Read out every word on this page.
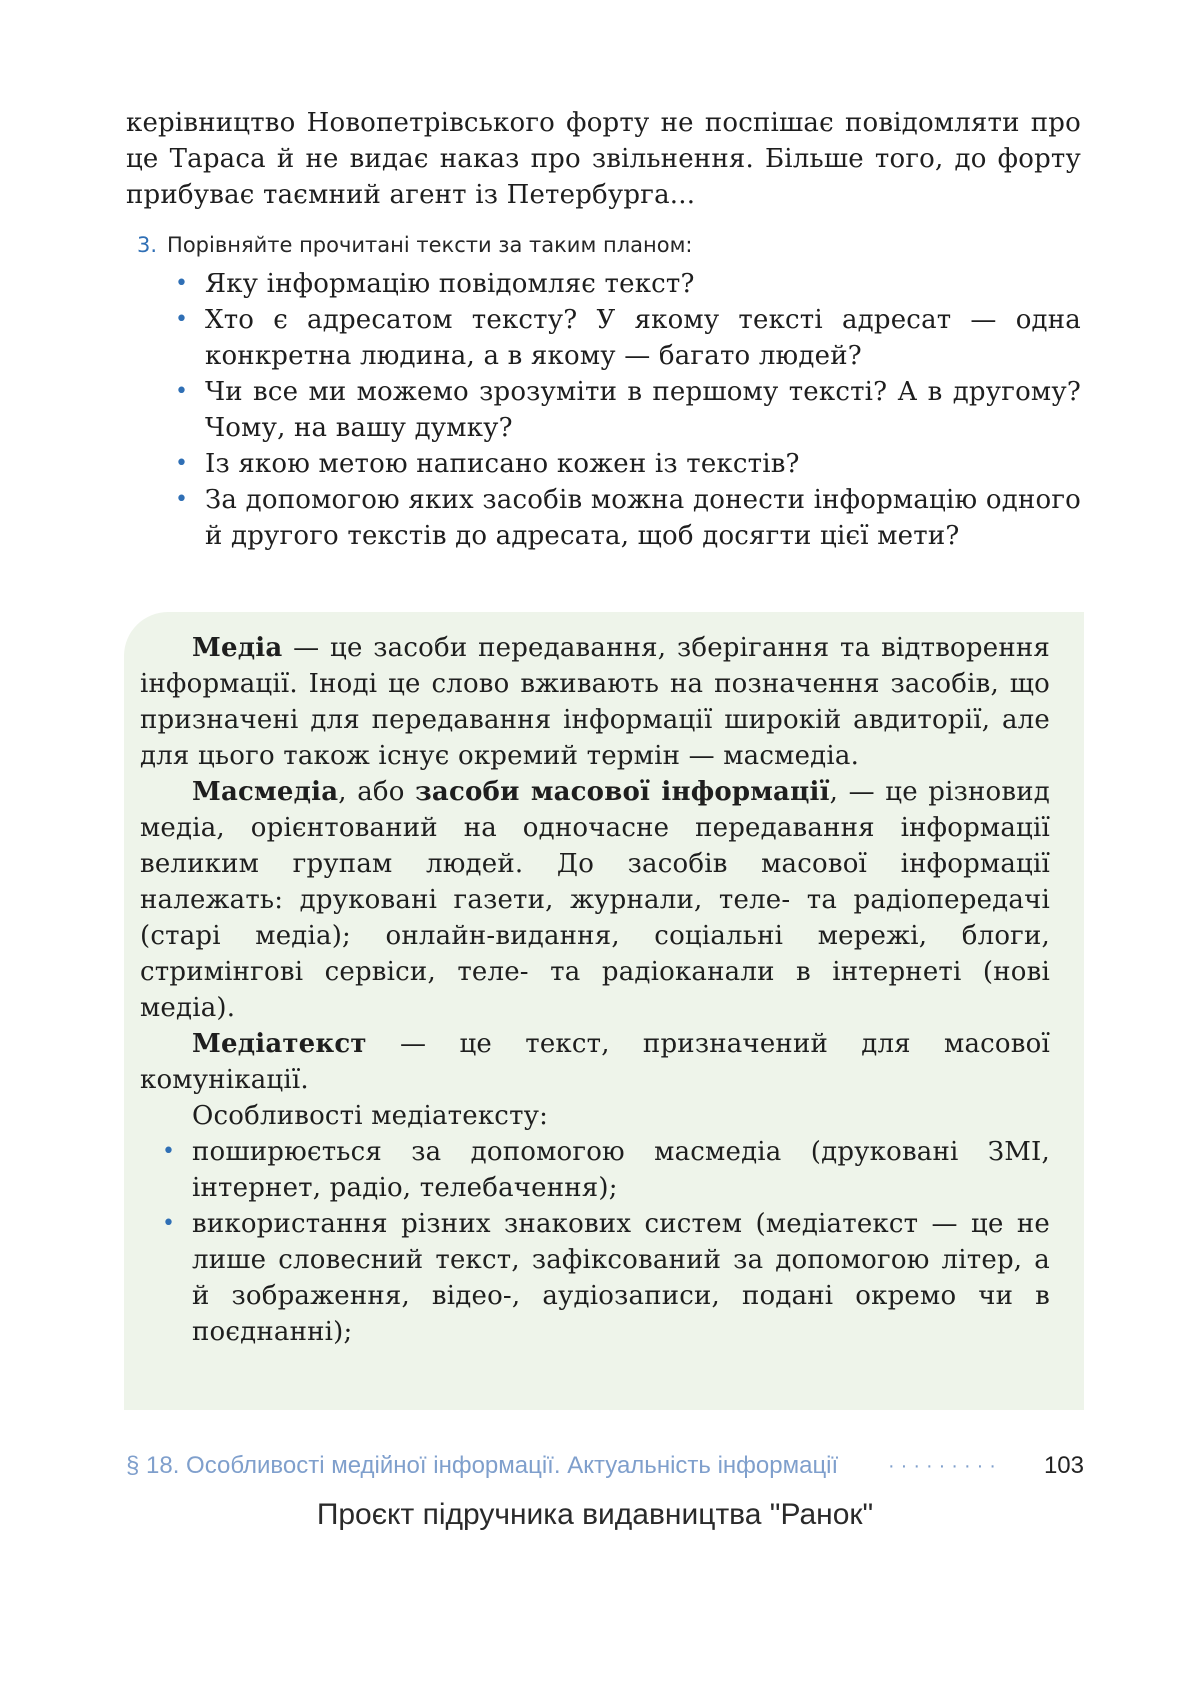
керівництво Новопетрівського форту не поспішає повідомляти про це Тараса й не видає наказ про звільнення. Більше того, до форту прибуває таємний агент із Петербурга...

3. Порівняйте прочитані тексти за таким планом:
• Яку інформацію повідомляє текст?
• Хто є адресатом тексту? У якому тексті адресат — одна конкретна людина, а в якому — багато людей?
• Чи все ми можемо зрозуміти в першому тексті? А в другому? Чому, на вашу думку?
• Із якою метою написано кожен із текстів?
• За допомогою яких засобів можна донести інформацію одного й другого текстів до адресата, щоб досягти цієї мети?

Медіа — це засоби передавання, зберігання та відтворення інформації. Іноді це слово вживають на позначення засобів, що призначені для передавання інформації широкій авдиторії, але для цього також існує окремий термін — масмедіа.

Масмедіа, або засоби масової інформації, — це різновид медіа, орієнтований на одночасне передавання інформації великим групам людей. До засобів масової інформації належать: друковані газети, журнали, теле- та радіопередачі (старі медіа); онлайн-видання, соціальні мережі, блоги, стримінгові сервіси, теле- та радіоканали в інтернеті (нові медіа).

Медіатекст — це текст, призначений для масової комунікації.

Особливості медіатексту:

• поширюється за допомогою масмедіа (друковані ЗМІ, інтернет, радіо, телебачення);
• використання різних знакових систем (медіатекст — це не лише словесний текст, зафіксований за допомогою літер, а й зображення, відео-, аудіозаписи, подані окремо чи в поєднанні);
§ 18. Особливості медійної інформації. Актуальність інформації ········· 103
Проєкт підручника видавництва "Ранок"
